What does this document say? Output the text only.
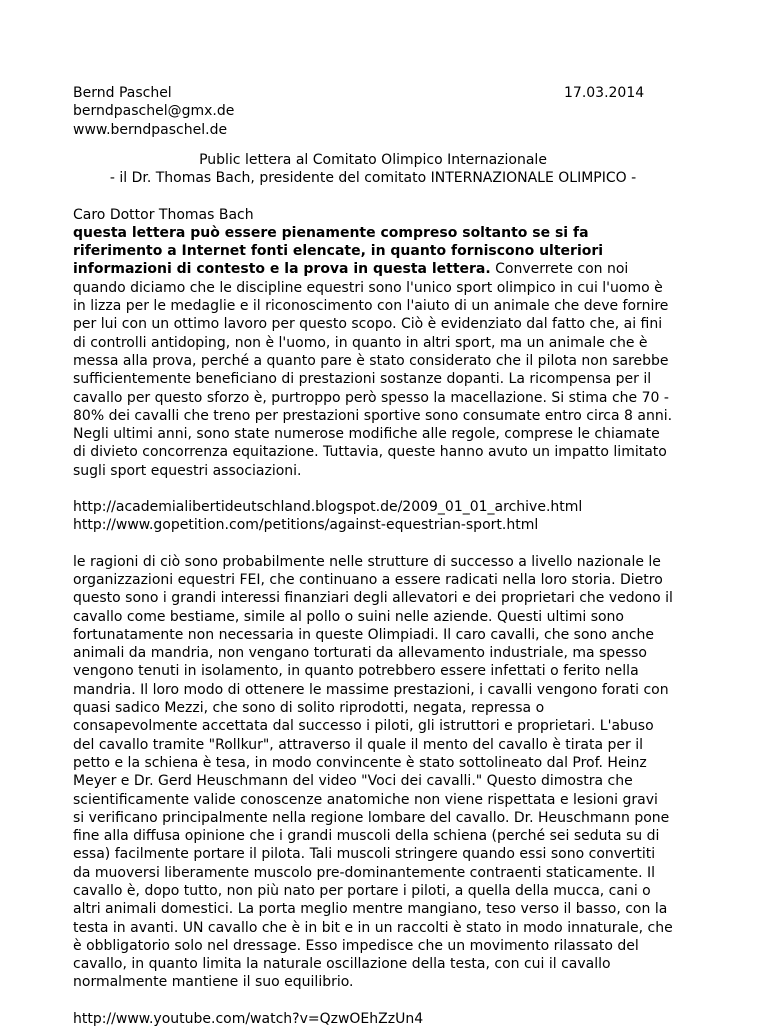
Bernd Paschel
berndpaschel@gmx.de
www.berndpaschel.de
17.03.2014
Public lettera al Comitato Olimpico Internazionale
- il Dr. Thomas Bach, presidente del comitato INTERNAZIONALE OLIMPICO -
Caro Dottor Thomas Bach

questa lettera può essere pienamente compreso soltanto se si fa riferimento a Internet fonti elencate, in quanto forniscono ulteriori informazioni di contesto e la prova in questa lettera. Converrete con noi quando diciamo che le discipline equestri sono l'unico sport olimpico in cui l'uomo è in lizza per le medaglie e il riconoscimento con l'aiuto di un animale che deve fornire per lui con un ottimo lavoro per questo scopo. Ciò è evidenziato dal fatto che, ai fini di controlli antidoping, non è l'uomo, in quanto in altri sport, ma un animale che è messa alla prova, perché a quanto pare è stato considerato che il pilota non sarebbe sufficientemente beneficiano di prestazioni sostanze dopanti. La ricompensa per il cavallo per questo sforzo è, purtroppo però spesso la macellazione. Si stima che 70 - 80% dei cavalli che treno per prestazioni sportive sono consumate entro circa 8 anni. Negli ultimi anni, sono state numerose modifiche alle regole, comprese le chiamate di divieto concorrenza equitazione. Tuttavia, queste hanno avuto un impatto limitato sugli sport equestri associazioni.

http://academialibertideutschland.blogspot.de/2009_01_01_archive.html
http://www.gopetition.com/petitions/against-equestrian-sport.html

le ragioni di ciò sono probabilmente nelle strutture di successo a livello nazionale le organizzazioni equestri FEI, che continuano a essere radicati nella loro storia. Dietro questo sono i grandi interessi finanziari degli allevatori e dei proprietari che vedono il cavallo come bestiame, simile al pollo o suini nelle aziende. Questi ultimi sono fortunatamente non necessaria in queste Olimpiadi. Il caro cavalli, che sono anche animali da mandria, non vengano torturati da allevamento industriale, ma spesso vengono tenuti in isolamento, in quanto potrebbero essere infettati o ferito nella mandria. Il loro modo di ottenere le massime prestazioni, i cavalli vengono forati con quasi sadico Mezzi, che sono di solito riprodotti, negata, repressa o consapevolmente accettata dal successo i piloti, gli istruttori e proprietari. L'abuso del cavallo tramite "Rollkur", attraverso il quale il mento del cavallo è tirata per il petto e la schiena è tesa, in modo convincente è stato sottolineato dal Prof. Heinz Meyer e Dr. Gerd Heuschmann del video "Voci dei cavalli." Questo dimostra che scientificamente valide conoscenze anatomiche non viene rispettata e lesioni gravi si verificano principalmente nella regione lombare del cavallo. Dr. Heuschmann pone fine alla diffusa opinione che i grandi muscoli della schiena (perché sei seduta su di essa) facilmente portare il pilota. Tali muscoli stringere quando essi sono convertiti da muoversi liberamente muscolo pre-dominantemente contraenti staticamente. Il cavallo è, dopo tutto, non più nato per portare i piloti, a quella della mucca, cani o altri animali domestici. La porta meglio mentre mangiano, teso verso il basso, con la testa in avanti. UN cavallo che è in bit e in un raccolti è stato in modo innaturale, che è obbligatorio solo nel dressage. Esso impedisce che un movimento rilassato del cavallo, in quanto limita la naturale oscillazione della testa, con cui il cavallo normalmente mantiene il suo equilibrio.

http://www.youtube.com/watch?v=QzwOEhZzUn4
